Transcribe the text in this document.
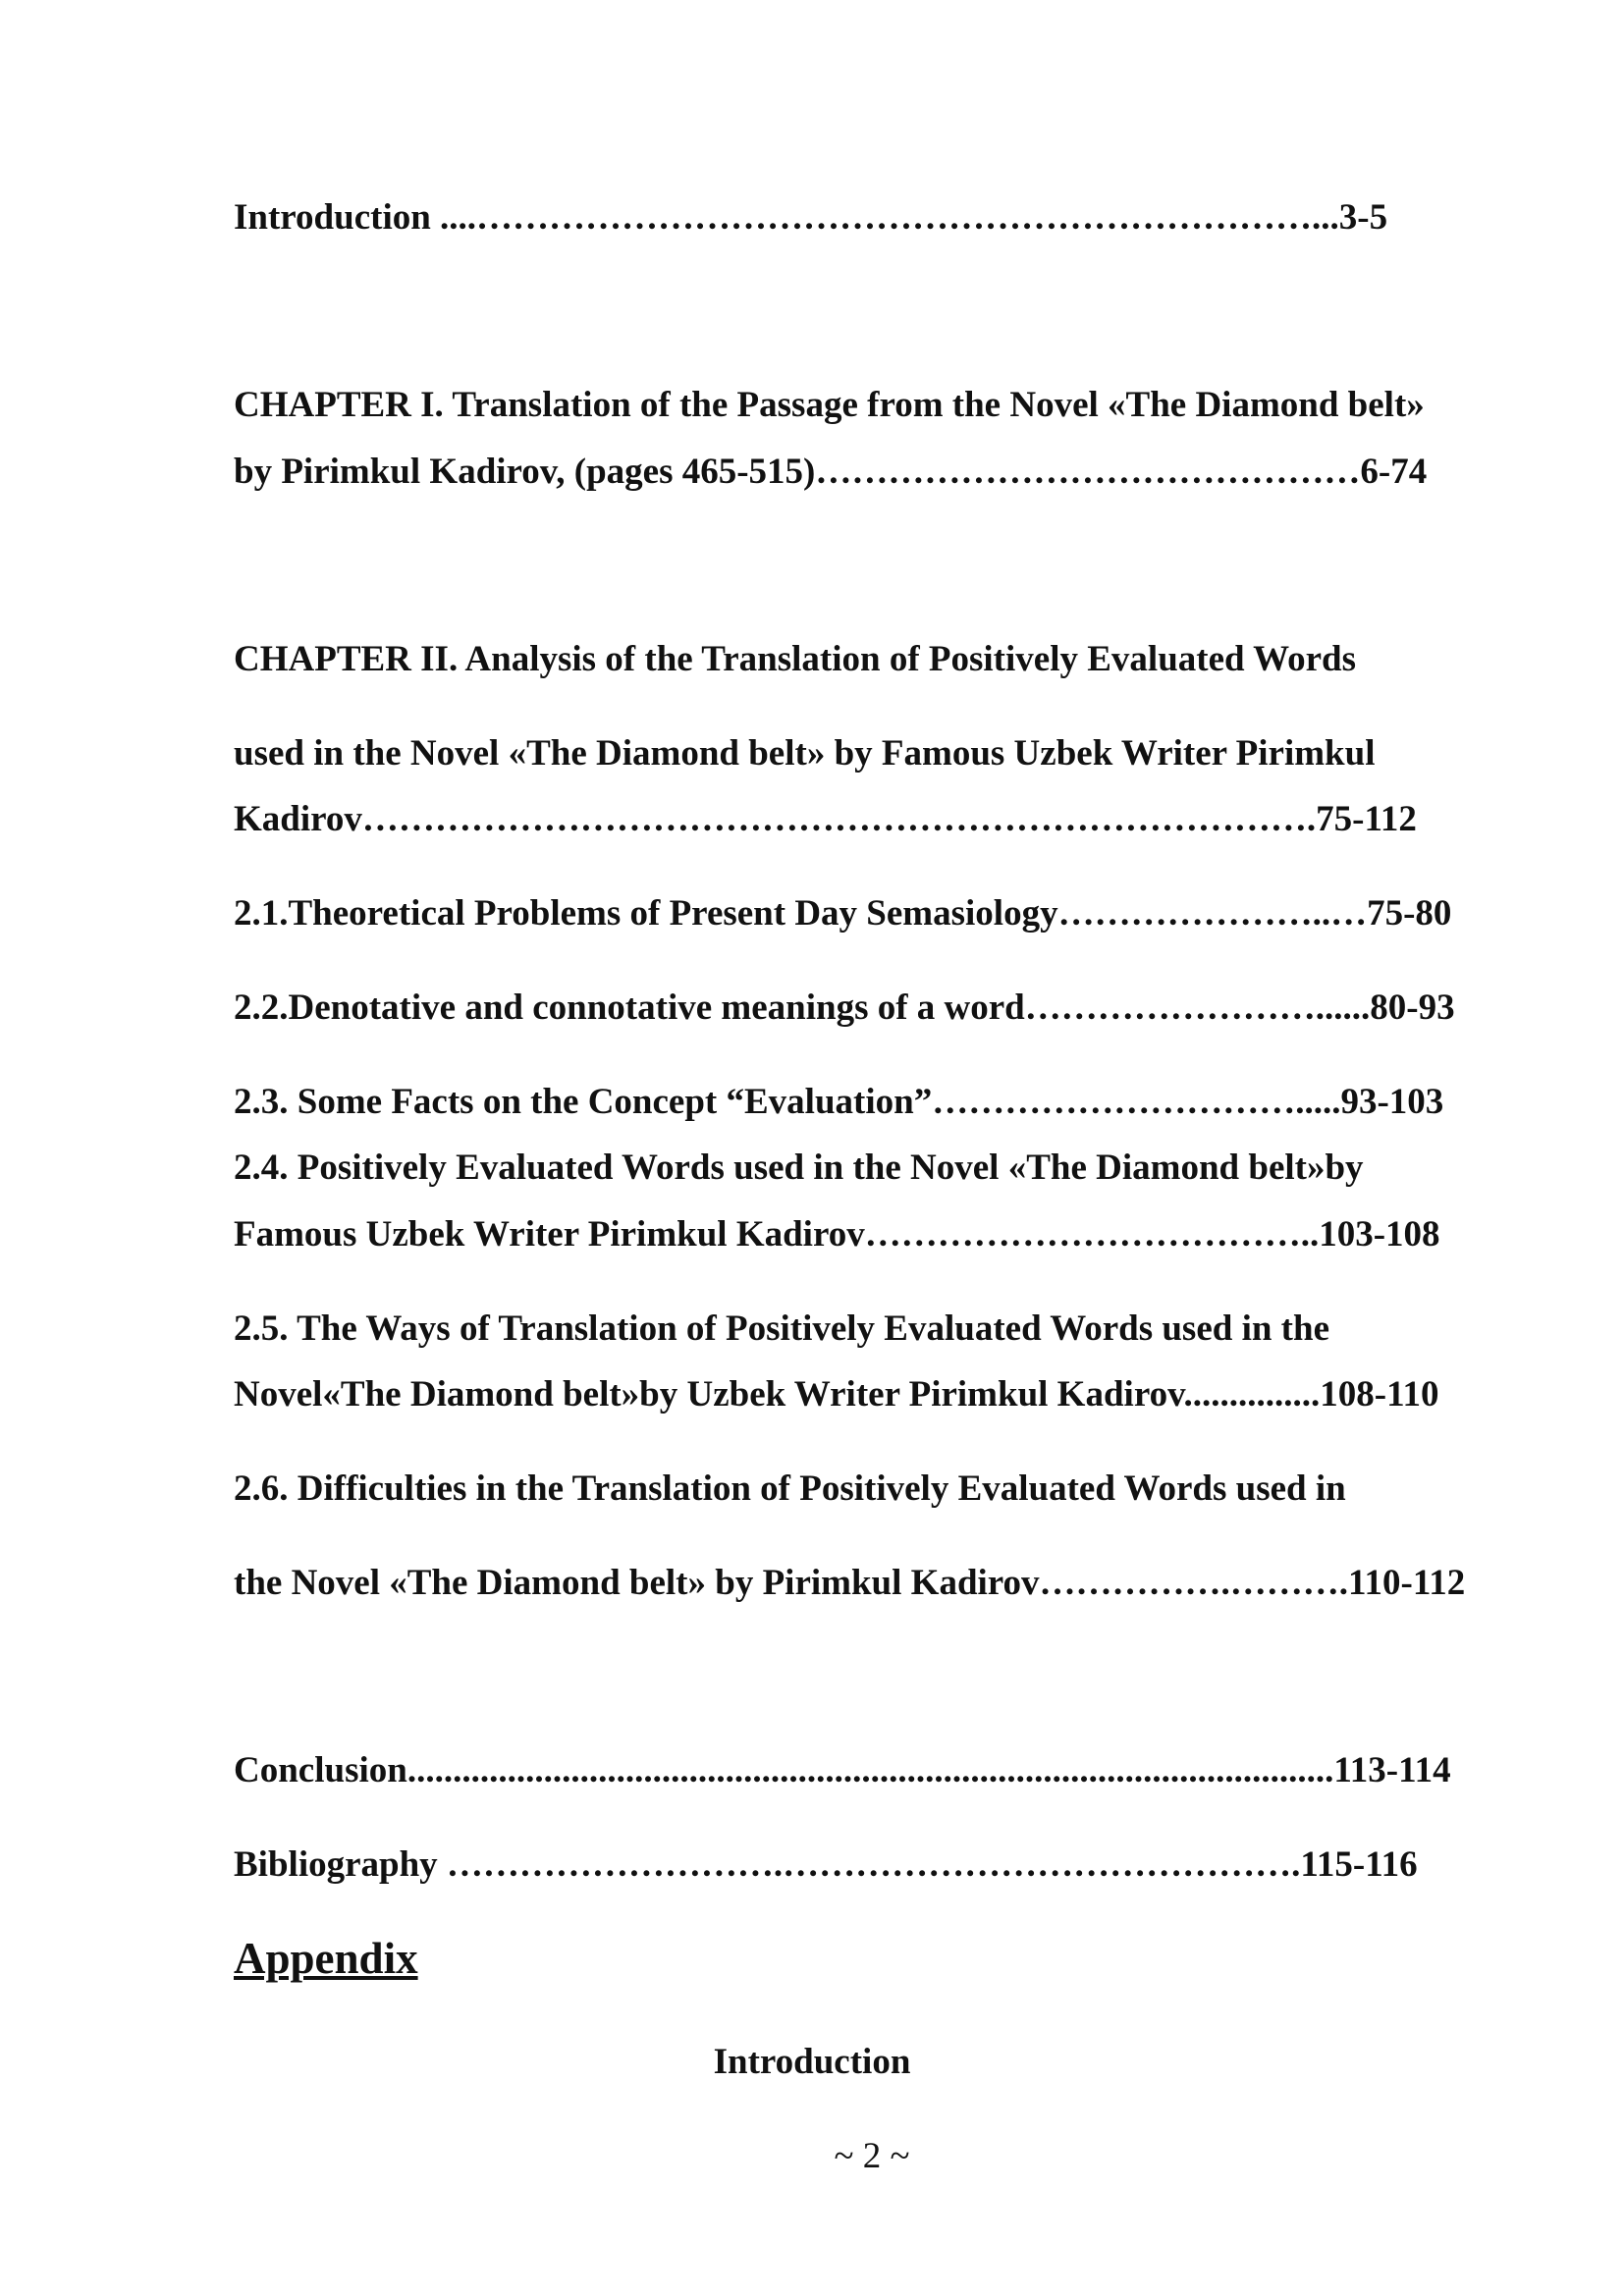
Introduction ....……………………………………………………………...3-5

CHAPTER I. Translation of the Passage from the Novel «The Diamond belt»

by Pirimkul Kadirov, (pages 465-515)………………………………………6-74

CHAPTER II. Analysis of the Translation of Positively Evaluated Words

used in the Novel «The Diamond belt» by Famous Uzbek Writer Pirimkul

Kadirov…………………………………………………………………….75-112

2.1.Theoretical Problems of Present Day Semasiology…………………..…75-80

2.2.Denotative and connotative meanings of a word……………………......80-93

2.3. Some Facts on the Concept “Evaluation”………………………….....93-103

2.4. Positively Evaluated Words used in the Novel «The Diamond belt»by

Famous Uzbek Writer Pirimkul Kadirov………………………………..103-108

2.5. The Ways of Translation of Positively Evaluated Words used in the

Novel«The Diamond belt»by Uzbek Writer Pirimkul Kadirov...............108-110

2.6. Difficulties in the Translation of Positively Evaluated Words used in

the Novel «The Diamond belt» by Pirimkul Kadirov…………….……….110-112

Conclusion......................................................................................................113-114

Bibliography ……………………….…………………………………….115-116

Appendix
Introduction

~ 2 ~
